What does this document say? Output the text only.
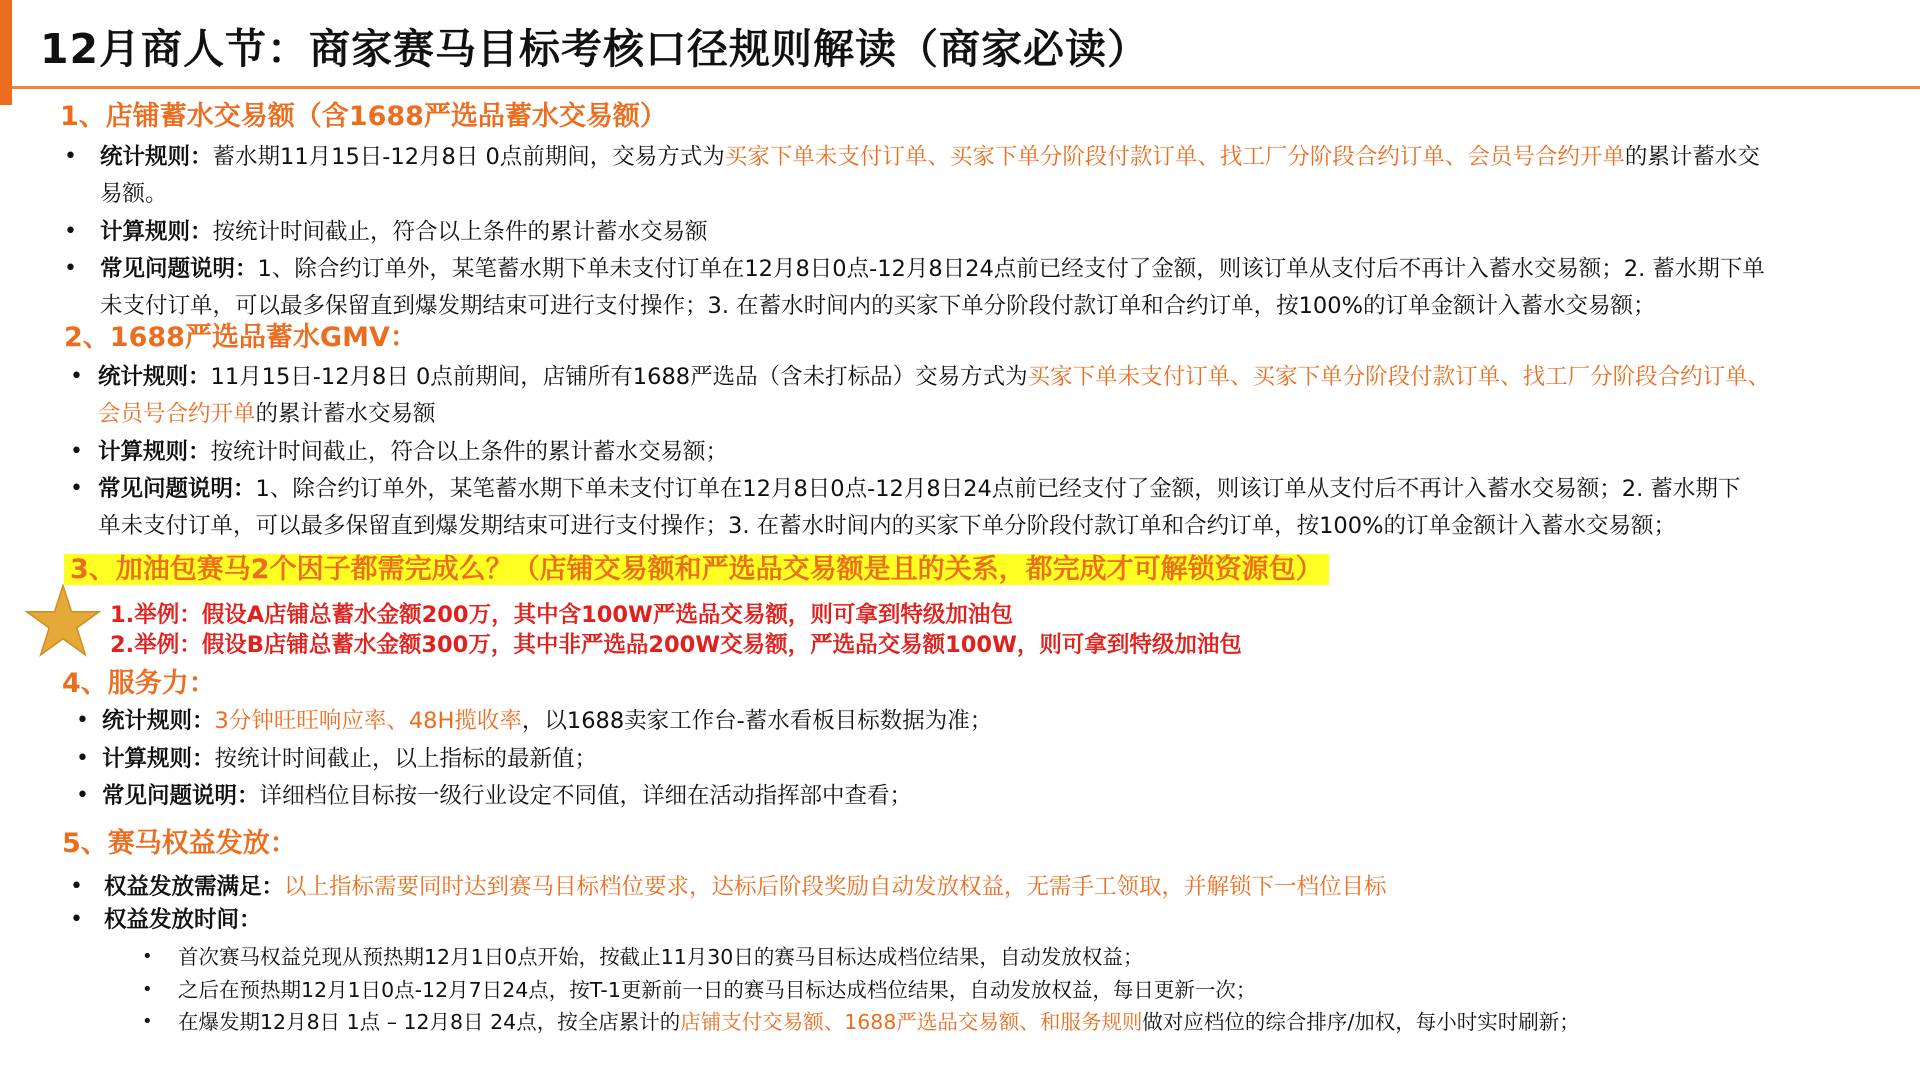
12月商人节：商家赛马目标考核口径规则解读（商家必读）
1、店铺蓄水交易额（含1688严选品蓄水交易额）
• 统计规则：蓄水期11月15日-12月8日 0点前期间，交易方式为买家下单未支付订单、买家下单分阶段付款订单、找工厂分阶段合约订单、会员号合约开单的累计蓄水交
易额。
• 计算规则：按统计时间截止，符合以上条件的累计蓄水交易额
• 常见问题说明：1、除合约订单外，某笔蓄水期下单未支付订单在12月8日0点-12月8日24点前已经支付了金额，则该订单从支付后不再计入蓄水交易额；2. 蓄水期下单
未支付订单，可以最多保留直到爆发期结束可进行支付操作；3. 在蓄水时间内的买家下单分阶段付款订单和合约订单，按100%的订单金额计入蓄水交易额；
2、1688严选品蓄水GMV：
• 统计规则：11月15日-12月8日 0点前期间，店铺所有1688严选品（含未打标品）交易方式为买家下单未支付订单、买家下单分阶段付款订单、找工厂分阶段合约订单、
会员号合约开单的累计蓄水交易额
• 计算规则：按统计时间截止，符合以上条件的累计蓄水交易额；
• 常见问题说明：1、除合约订单外，某笔蓄水期下单未支付订单在12月8日0点-12月8日24点前已经支付了金额，则该订单从支付后不再计入蓄水交易额；2. 蓄水期下
单未支付订单，可以最多保留直到爆发期结束可进行支付操作；3. 在蓄水时间内的买家下单分阶段付款订单和合约订单，按100%的订单金额计入蓄水交易额；
3、加油包赛马2个因子都需完成么？（店铺交易额和严选品交易额是且的关系，都完成才可解锁资源包）
1.举例：假设A店铺总蓄水金额200万，其中含100W严选品交易额，则可拿到特级加油包
2.举例：假设B店铺总蓄水金额300万，其中非严选品200W交易额，严选品交易额100W，则可拿到特级加油包
4、服务力：
• 统计规则：3分钟旺旺响应率、48H揽收率，以1688卖家工作台-蓄水看板目标数据为准；
• 计算规则：按统计时间截止，以上指标的最新值；
• 常见问题说明：详细档位目标按一级行业设定不同值，详细在活动指挥部中查看；
5、赛马权益发放：
• 权益发放需满足：以上指标需要同时达到赛马目标档位要求，达标后阶段奖励自动发放权益，无需手工领取，并解锁下一档位目标
• 权益发放时间：
• 首次赛马权益兑现从预热期12月1日0点开始，按截止11月30日的赛马目标达成档位结果，自动发放权益；
• 之后在预热期12月1日0点-12月7日24点，按T-1更新前一日的赛马目标达成档位结果，自动发放权益，每日更新一次；
• 在爆发期12月8日 1点 – 12月8日 24点，按全店累计的店铺支付交易额、1688严选品交易额、和服务规则做对应档位的综合排序/加权，每小时实时刷新；
